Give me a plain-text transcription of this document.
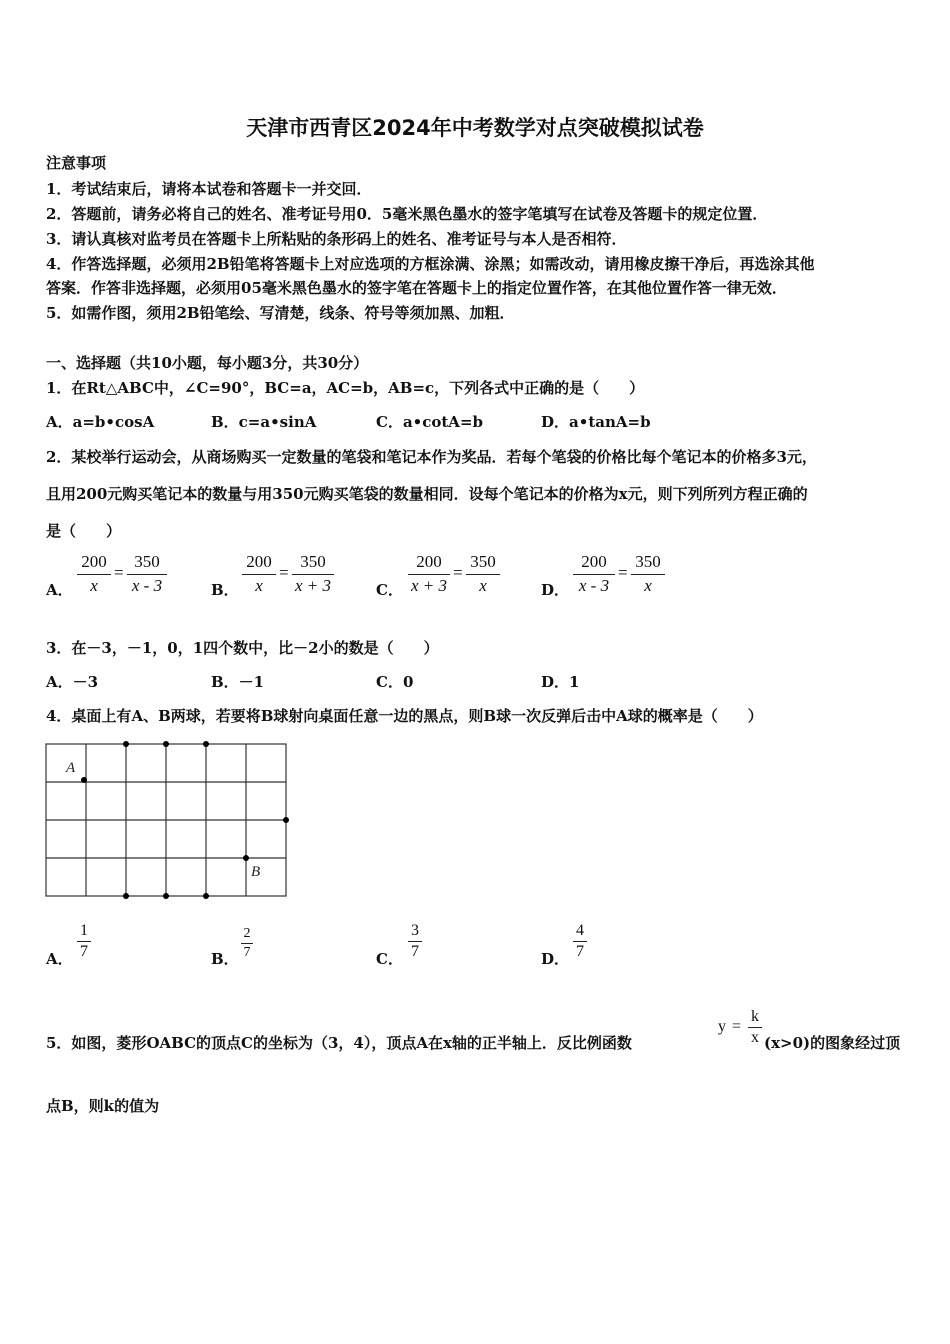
天津市西青区2024年中考数学对点突破模拟试卷
注意事项
1．考试结束后，请将本试卷和答题卡一并交回．
2．答题前，请务必将自己的姓名、准考证号用0．5毫米黑色墨水的签字笔填写在试卷及答题卡的规定位置．
3．请认真核对监考员在答题卡上所粘贴的条形码上的姓名、准考证号与本人是否相符．
4．作答选择题，必须用2B铅笔将答题卡上对应选项的方框涂满、涂黑；如需改动，请用橡皮擦干净后，再选涂其他
答案．作答非选择题，必须用05毫米黑色墨水的签字笔在答题卡上的指定位置作答，在其他位置作答一律无效．
5．如需作图，须用2B铅笔绘、写清楚，线条、符号等须加黑、加粗．
一、选择题（共10小题，每小题3分，共30分）
1．在Rt△ABC中，∠C=90°，BC=a，AC=b，AB=c，下列各式中正确的是（　　）
A．a=b•cosA	B．c=a•sinA	C．a•cotA=b	D．a•tanA=b
2．某校举行运动会，从商场购买一定数量的笔袋和笔记本作为奖品．若每个笔袋的价格比每个笔记本的价格多3元，
且用200元购买笔记本的数量与用350元购买笔袋的数量相同．设每个笔记本的价格为x元，则下列所列方程正确的
是（　　）
A．
200
x
=
350
x - 3	B．
200
x
=
350
x + 3	C．
200
x + 3
=
350
x	D．
200
x - 3
=
350
x
3．在－3，－1，0，1四个数中，比－2小的数是（　　）
A．－3	B．－1	C．0	D．1
4．桌面上有A、B两球，若要将B球射向桌面任意一边的黑点，则B球一次反弹后击中A球的概率是（　　）
A
B
A．
1
7	B．
2
7	C．
3
7	D．
4
7
5．如图，菱形OABC的顶点C的坐标为（3，4），顶点A在x轴的正半轴上．反比例函数
y =
k
x (x>0)的图象经过顶
点B，则k的值为
